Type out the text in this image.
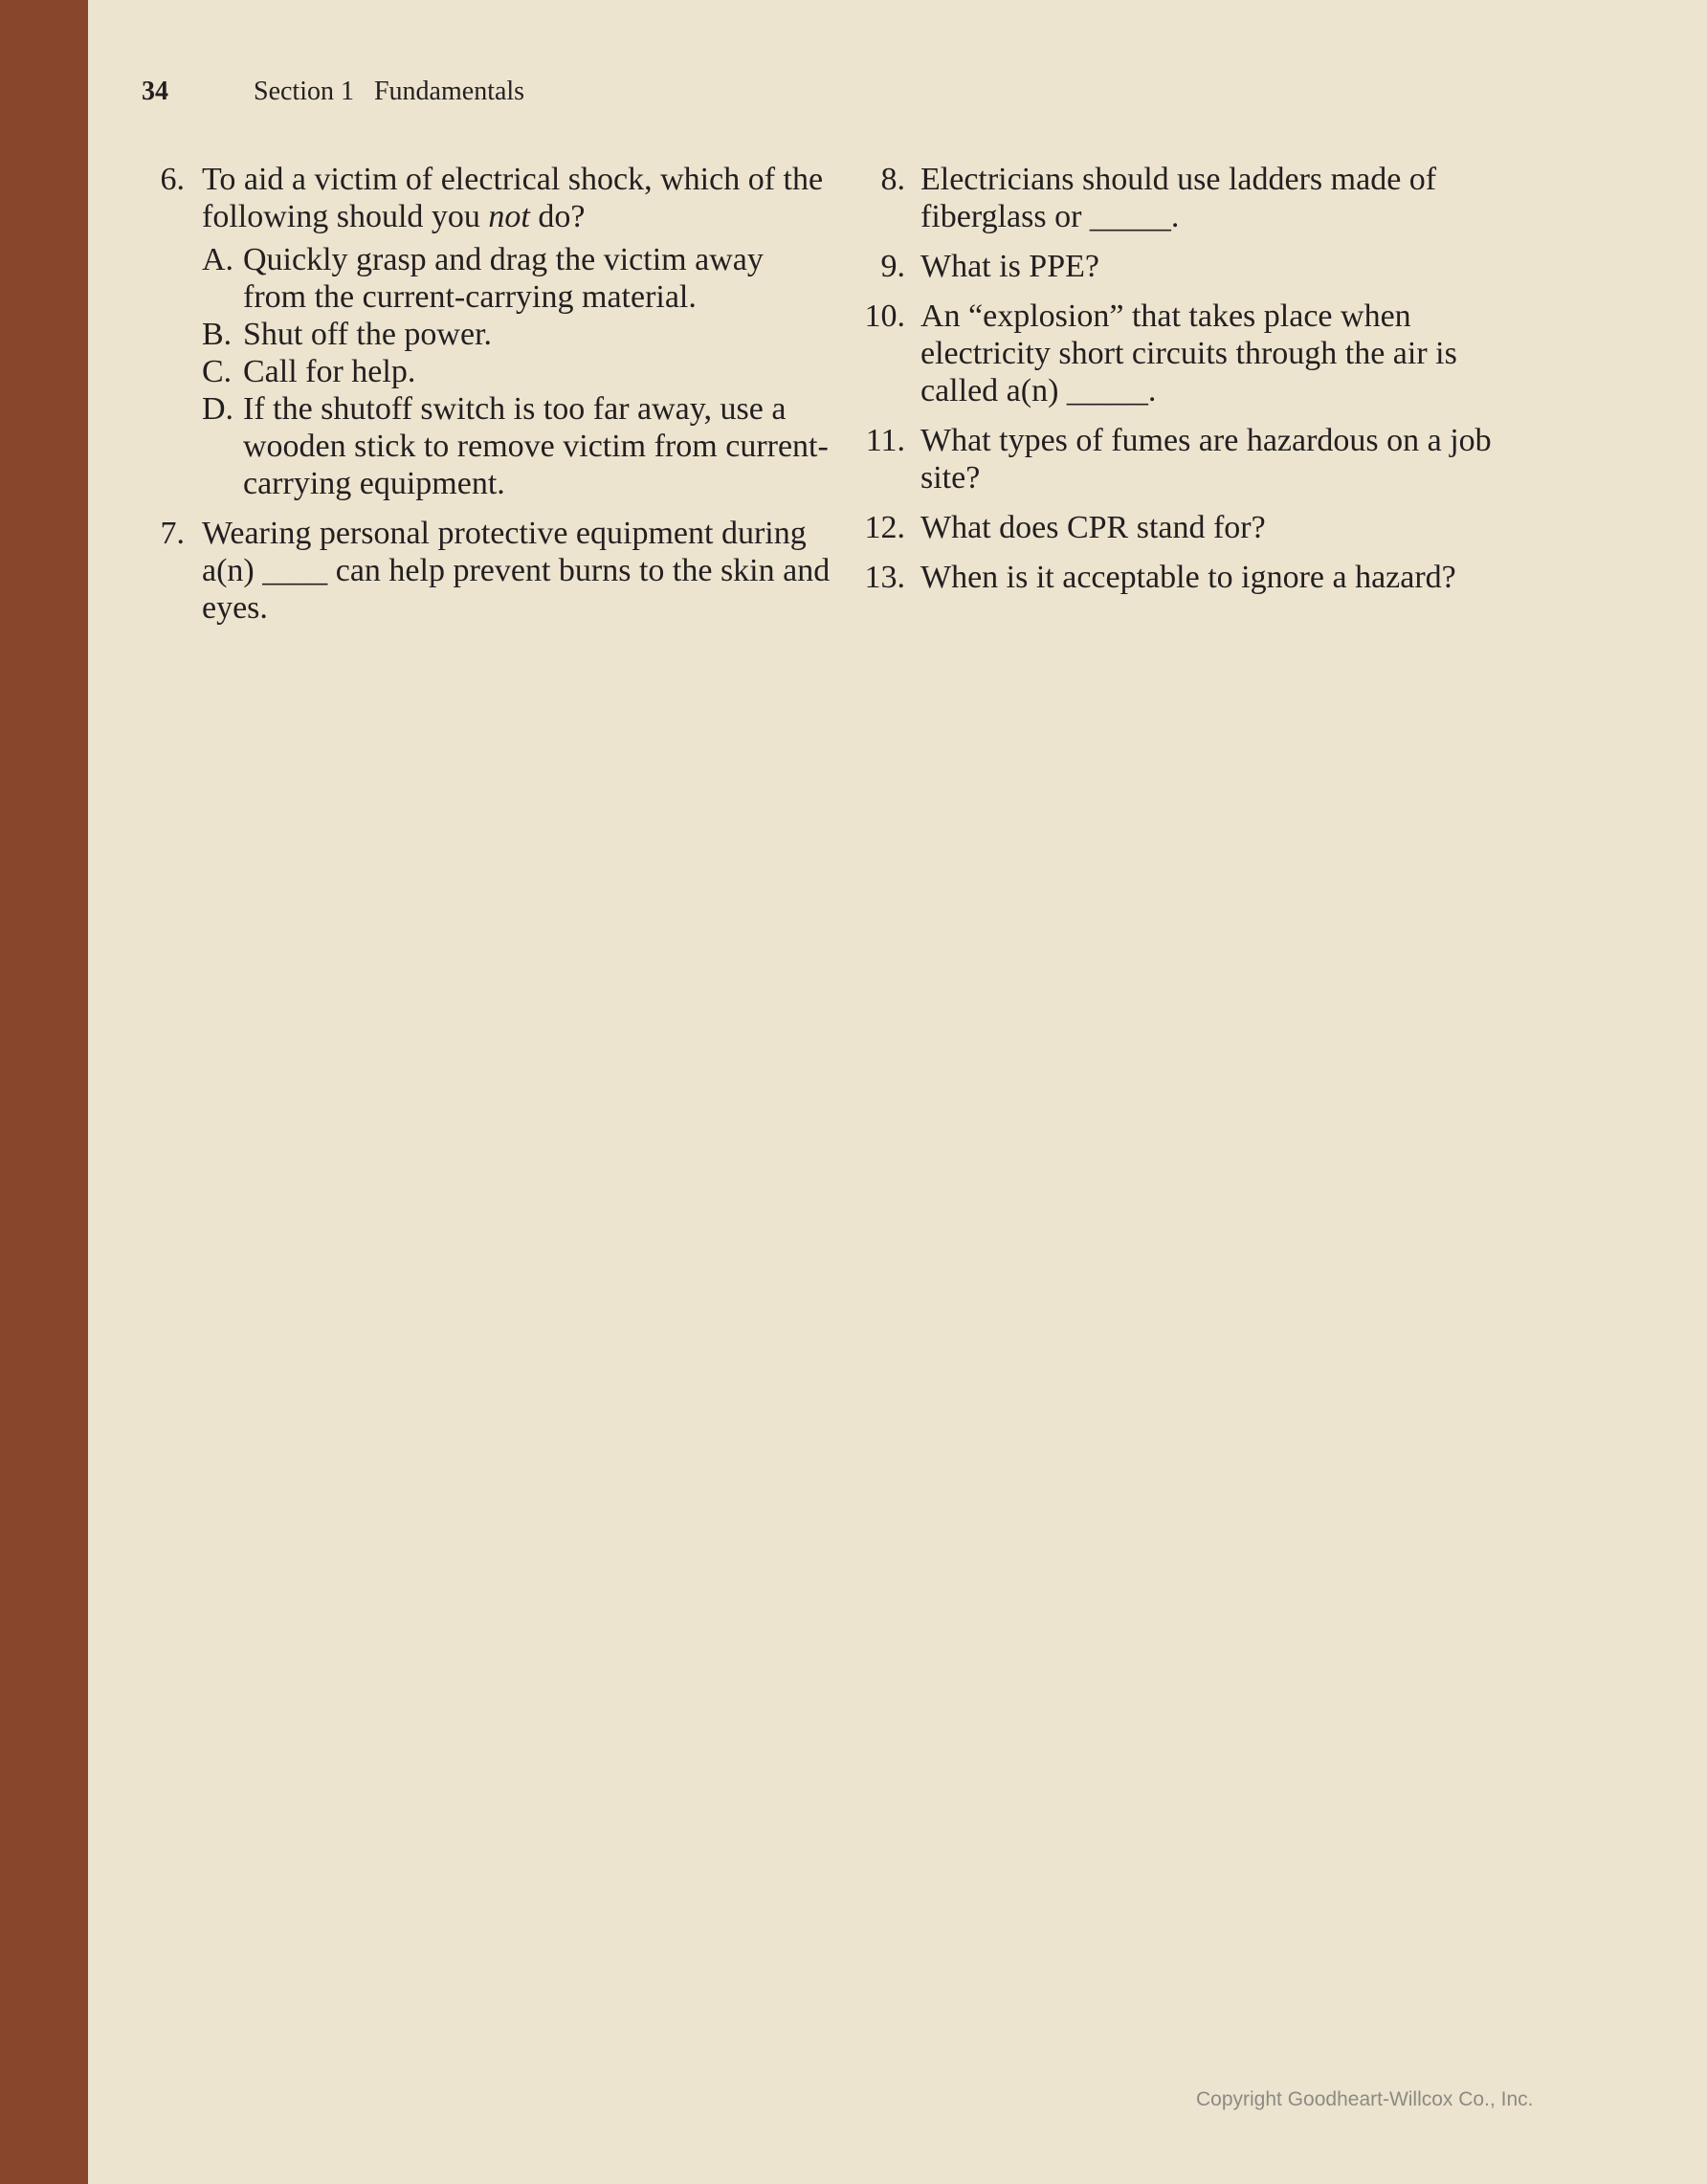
34	Section 1   Fundamentals
6. To aid a victim of electrical shock, which of the following should you not do?
A. Quickly grasp and drag the victim away from the current-carrying material.
B. Shut off the power.
C. Call for help.
D. If the shutoff switch is too far away, use a wooden stick to remove victim from current-carrying equipment.
7. Wearing personal protective equipment during a(n) ____ can help prevent burns to the skin and eyes.
8. Electricians should use ladders made of fiberglass or _____.
9. What is PPE?
10. An “explosion” that takes place when electricity short circuits through the air is called a(n) _____.
11. What types of fumes are hazardous on a job site?
12. What does CPR stand for?
13. When is it acceptable to ignore a hazard?
Copyright Goodheart-Willcox Co., Inc.
